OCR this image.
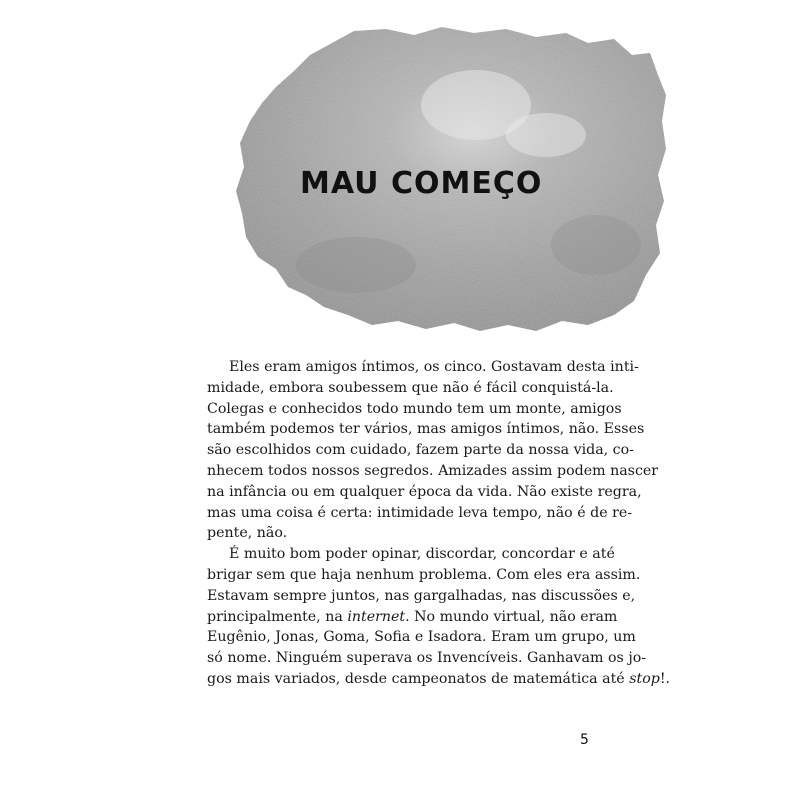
MAU COMEÇO
Eles eram amigos íntimos, os cinco. Gostavam desta inti-
midade, embora soubessem que não é fácil conquistá-la.
Colegas e conhecidos todo mundo tem um monte, amigos
também podemos ter vários, mas amigos íntimos, não. Esses
são escolhidos com cuidado, fazem parte da nossa vida, co-
nhecem todos nossos segredos. Amizades assim podem nascer
na infância ou em qualquer época da vida. Não existe regra,
mas uma coisa é certa: intimidade leva tempo, não é de re-
pente, não.
É muito bom poder opinar, discordar, concordar e até
brigar sem que haja nenhum problema. Com eles era assim.
Estavam sempre juntos, nas gargalhadas, nas discussões e,
principalmente, na internet. No mundo virtual, não eram
Eugênio, Jonas, Goma, Sofia e Isadora. Eram um grupo, um
só nome. Ninguém superava os Invencíveis. Ganhavam os jo-
gos mais variados, desde campeonatos de matemática até stop!.
5
